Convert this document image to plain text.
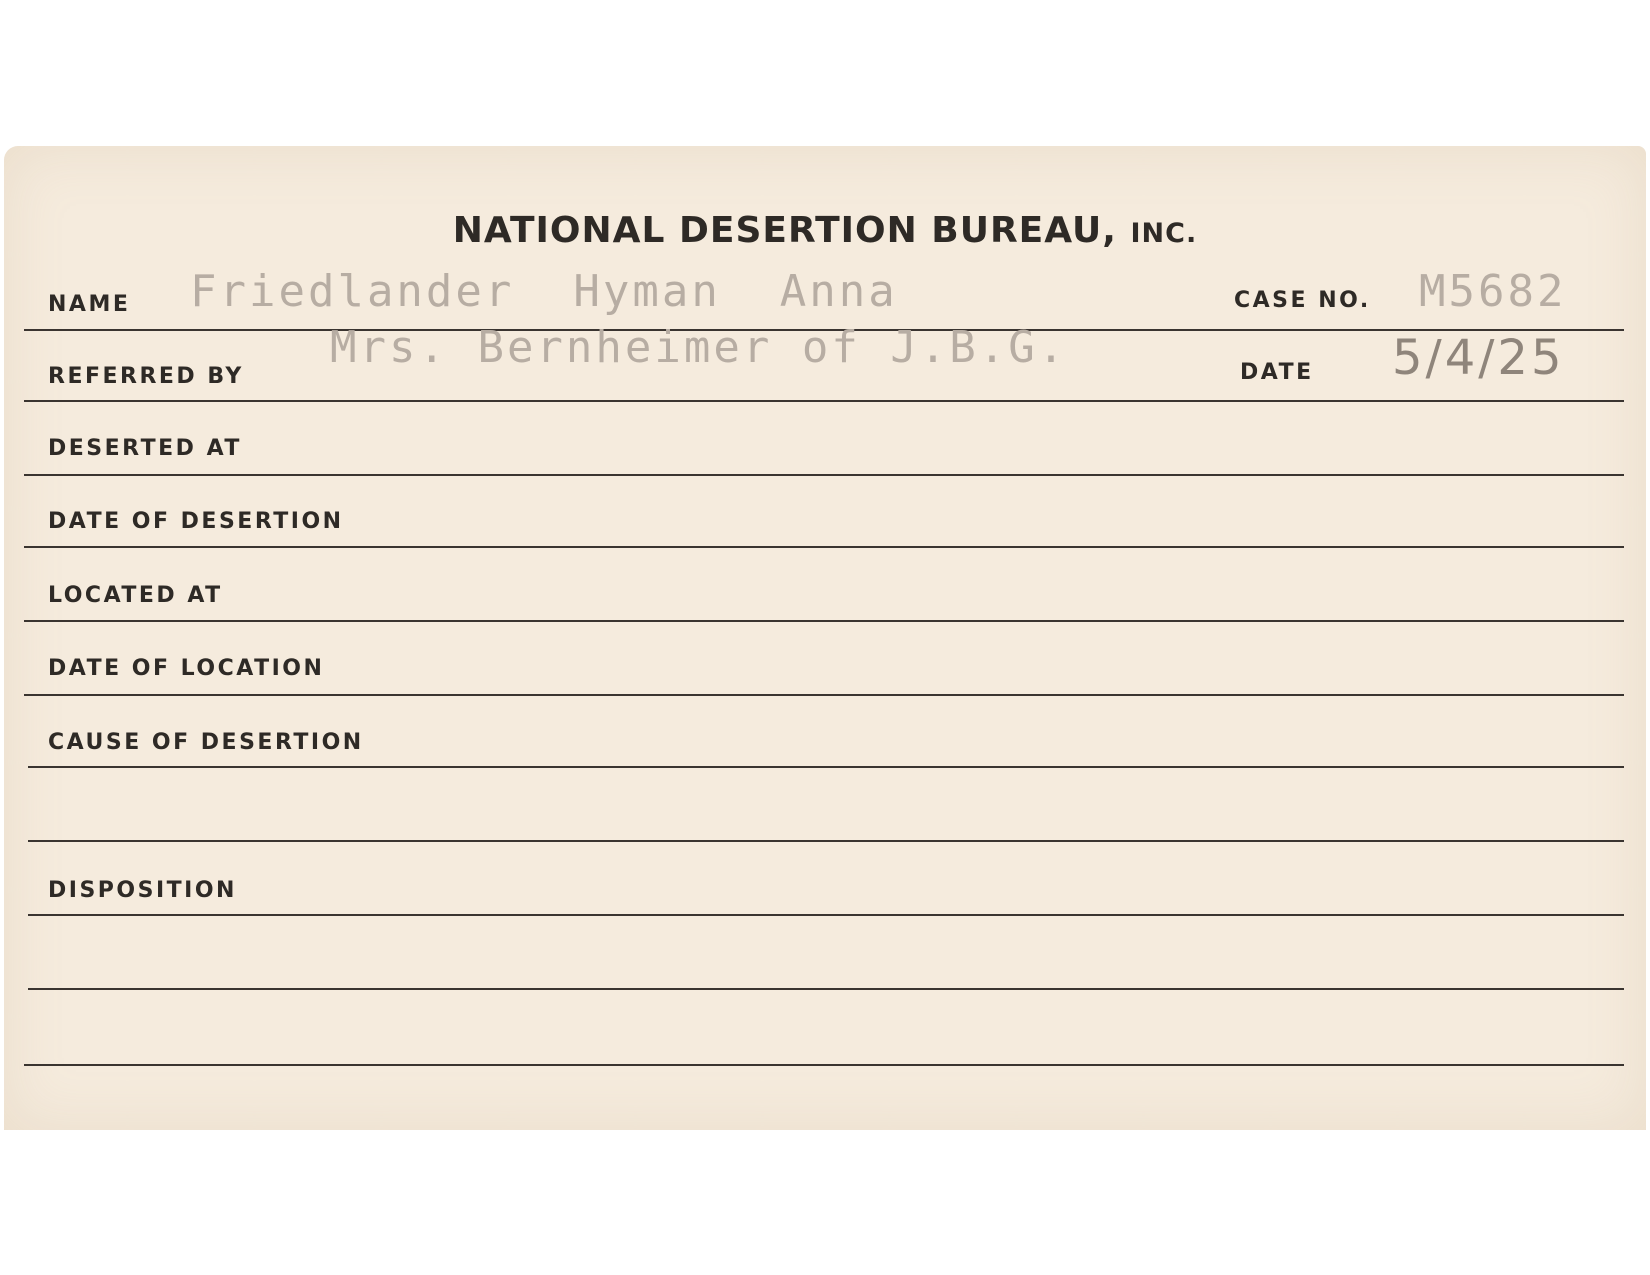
NATIONAL DESERTION BUREAU, INC.
NAME Friedlander  Hyman  Anna	CASE NO. M5682
REFERRED BY
Mrs. Bernheimer of J.B.G.	DATE 5/4/25
DESERTED AT
DATE OF DESERTION
LOCATED AT
DATE OF LOCATION
CAUSE OF DESERTION
DISPOSITION
